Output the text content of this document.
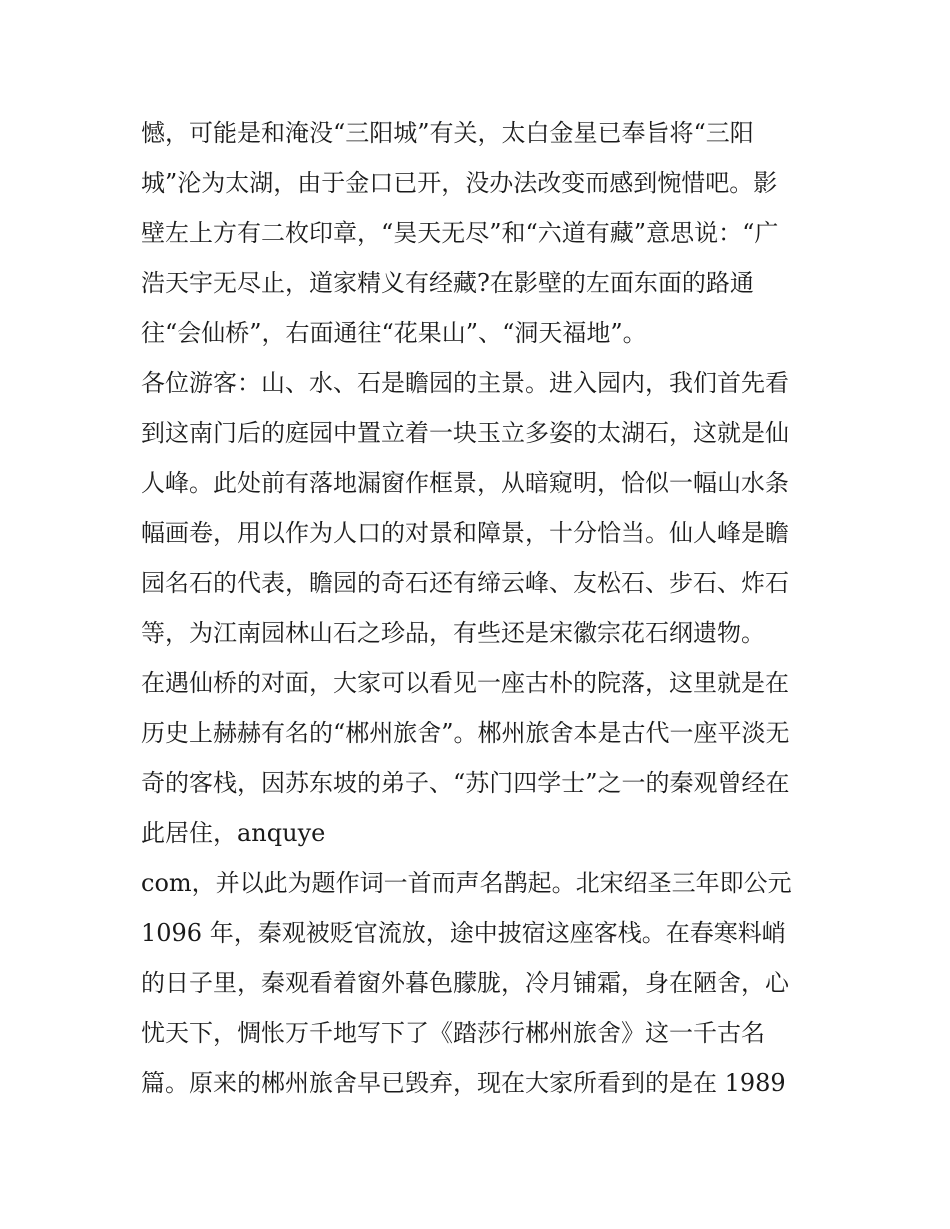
憾，可能是和淹没“三阳城”有关，太白金星已奉旨将“三阳
城”沦为太湖，由于金口已开，没办法改变而感到惋惜吧。影
壁左上方有二枚印章，“昊天无尽”和“六道有藏”意思说：“广
浩天宇无尽止，道家精义有经藏?在影壁的左面东面的路通
往“会仙桥”，右面通往“花果山”、“洞天福地”。
各位游客：山、水、石是瞻园的主景。进入园内，我们首先看
到这南门后的庭园中置立着一块玉立多姿的太湖石，这就是仙
人峰。此处前有落地漏窗作框景，从暗窥明，恰似一幅山水条
幅画卷，用以作为人口的对景和障景，十分恰当。仙人峰是瞻
园名石的代表，瞻园的奇石还有缔云峰、友松石、步石、炸石
等，为江南园林山石之珍品，有些还是宋徽宗花石纲遗物。
在遇仙桥的对面，大家可以看见一座古朴的院落，这里就是在
历史上赫赫有名的“郴州旅舍”。郴州旅舍本是古代一座平淡无
奇的客栈，因苏东坡的弟子、“苏门四学士”之一的秦观曾经在
此居住，anquye
com，并以此为题作词一首而声名鹊起。北宋绍圣三年即公元
1096 年，秦观被贬官流放，途中披宿这座客栈。在春寒料峭
的日子里，秦观看着窗外暮色朦胧，冷月铺霜，身在陋舍，心
忧天下，惆怅万千地写下了《踏莎行郴州旅舍》这一千古名
篇。原来的郴州旅舍早已毁弃，现在大家所看到的是在 1989
